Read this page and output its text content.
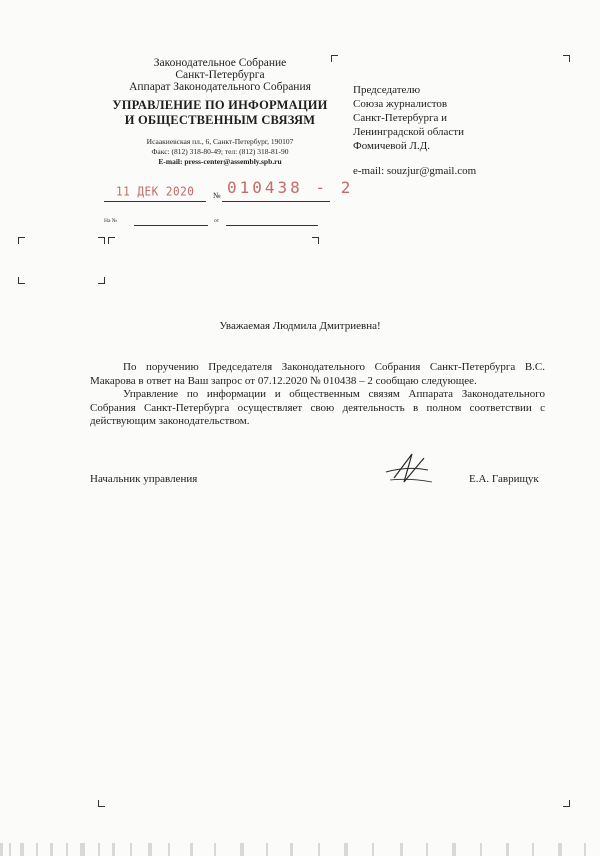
Законодательное Собрание
Санкт-Петербурга
Аппарат Законодательного Собрания
УПРАВЛЕНИЕ ПО ИНФОРМАЦИИ
И ОБЩЕСТВЕННЫМ СВЯЗЯМ
Исаакиевская пл., 6, Санкт-Петербург, 190107
Факс: (812) 318-80-49; тел: (812) 318-81-90
E-mail: press-center@assembly.spb.ru
11 ДЕК 2020 № 010438 - 2
На №	от
Председателю
Союза журналистов
Санкт-Петербурга и
Ленинградской области
Фомичевой Л.Д.
e-mail: souzjur@gmail.com
Уважаемая Людмила Дмитриевна!

По поручению Председателя Законодательного Собрания Санкт-Петербурга В.С. Макарова в ответ на Ваш запрос от 07.12.2020 № 010438 – 2 сообщаю следующее.

Управление по информации и общественным связям Аппарата Законодательного Собрания Санкт-Петербурга осуществляет свою деятельность в полном соответствии с действующим законодательством.

Начальник управления	Е.А. Гаврищук
